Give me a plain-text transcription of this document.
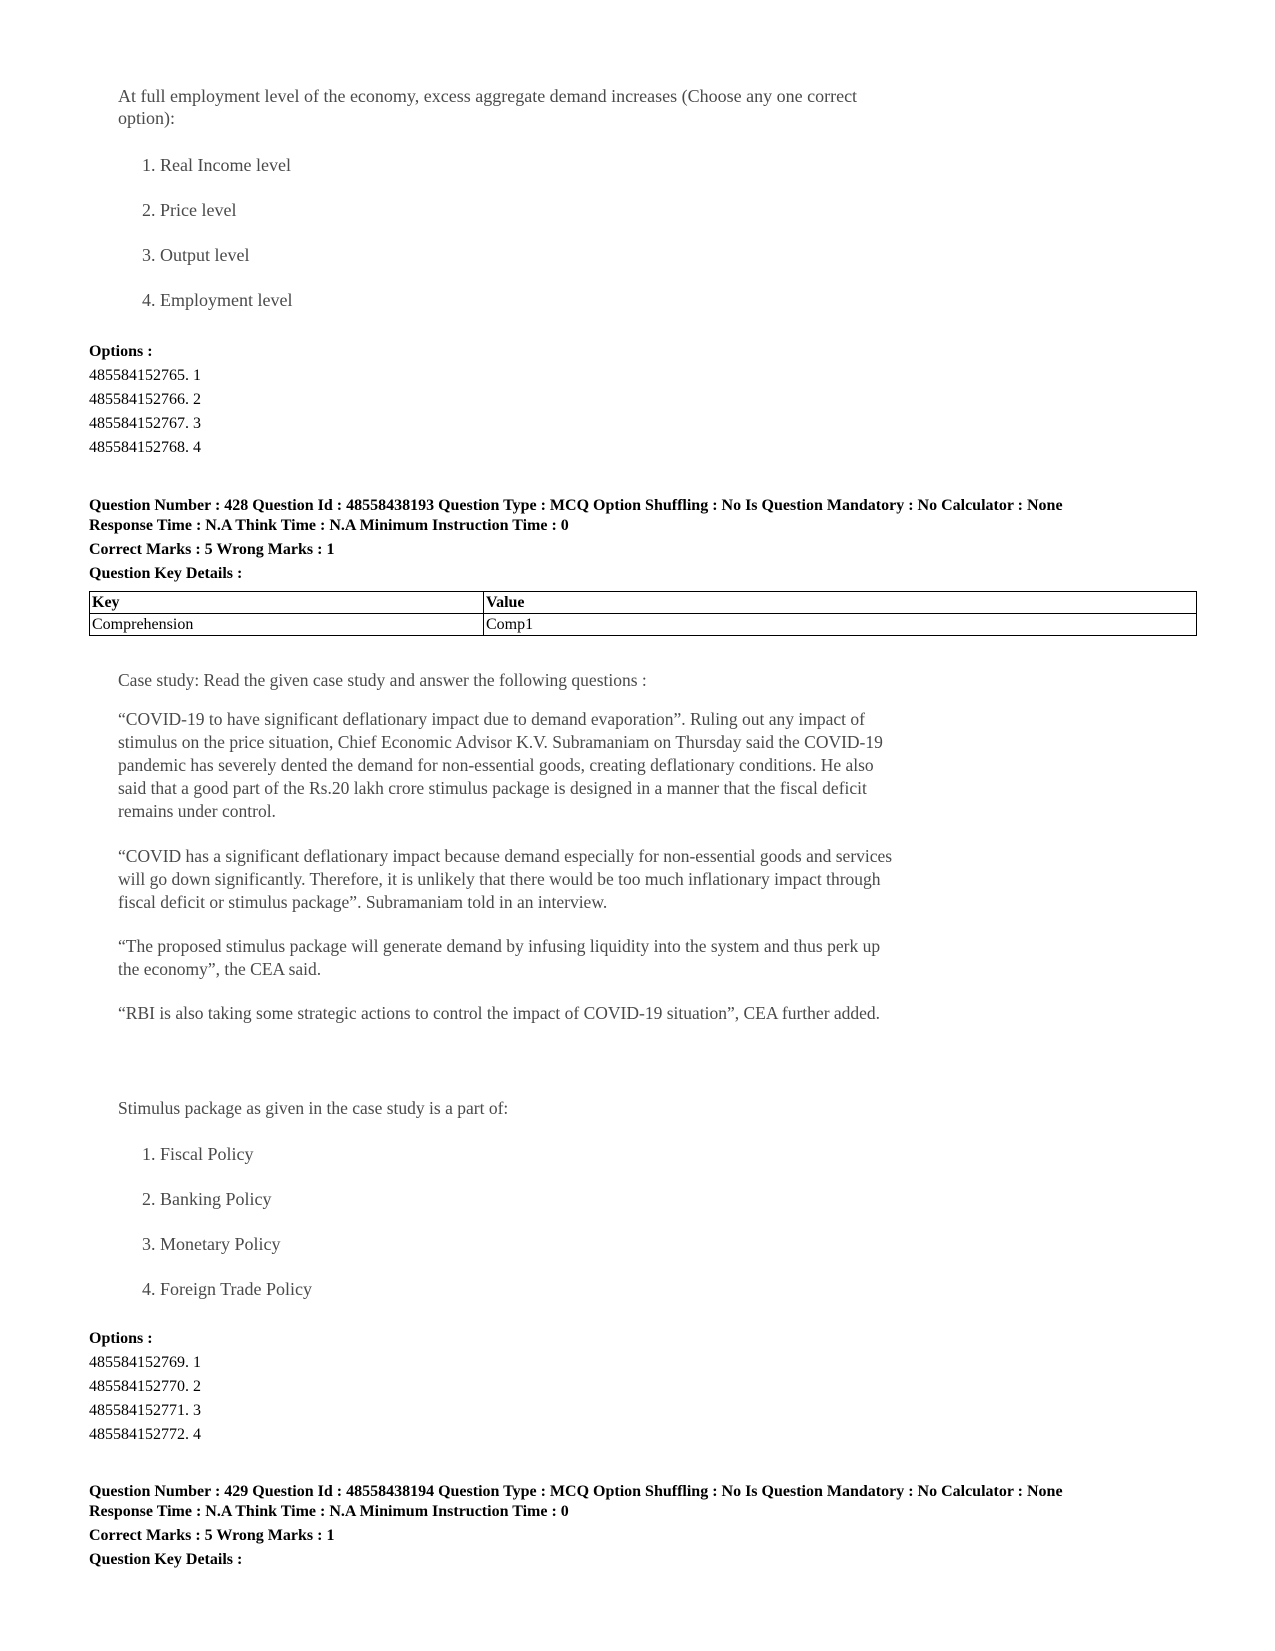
At full employment level of the economy, excess aggregate demand increases (Choose any one correct
option):
1. Real Income level
2. Price level
3. Output level
4. Employment level
Options :
485584152765. 1
485584152766. 2
485584152767. 3
485584152768. 4
Question Number : 428 Question Id : 48558438193 Question Type : MCQ Option Shuffling : No Is Question Mandatory : No Calculator : None
Response Time : N.A Think Time : N.A Minimum Instruction Time : 0
Correct Marks : 5 Wrong Marks : 1
Question Key Details :
Key	Value
Comprehension	Comp1
Case study: Read the given case study and answer the following questions :
“COVID-19 to have significant deflationary impact due to demand evaporation”. Ruling out any impact of
stimulus on the price situation, Chief Economic Advisor K.V. Subramaniam on Thursday said the COVID-19
pandemic has severely dented the demand for non-essential goods, creating deflationary conditions. He also
said that a good part of the Rs.20 lakh crore stimulus package is designed in a manner that the fiscal deficit
remains under control.
“COVID has a significant deflationary impact because demand especially for non-essential goods and services
will go down significantly. Therefore, it is unlikely that there would be too much inflationary impact through
fiscal deficit or stimulus package”. Subramaniam told in an interview.
“The proposed stimulus package will generate demand by infusing liquidity into the system and thus perk up
the economy”, the CEA said.
“RBI is also taking some strategic actions to control the impact of COVID-19 situation”, CEA further added.
Stimulus package as given in the case study is a part of:
1. Fiscal Policy
2. Banking Policy
3. Monetary Policy
4. Foreign Trade Policy
Options :
485584152769. 1
485584152770. 2
485584152771. 3
485584152772. 4
Question Number : 429 Question Id : 48558438194 Question Type : MCQ Option Shuffling : No Is Question Mandatory : No Calculator : None
Response Time : N.A Think Time : N.A Minimum Instruction Time : 0
Correct Marks : 5 Wrong Marks : 1
Question Key Details :
